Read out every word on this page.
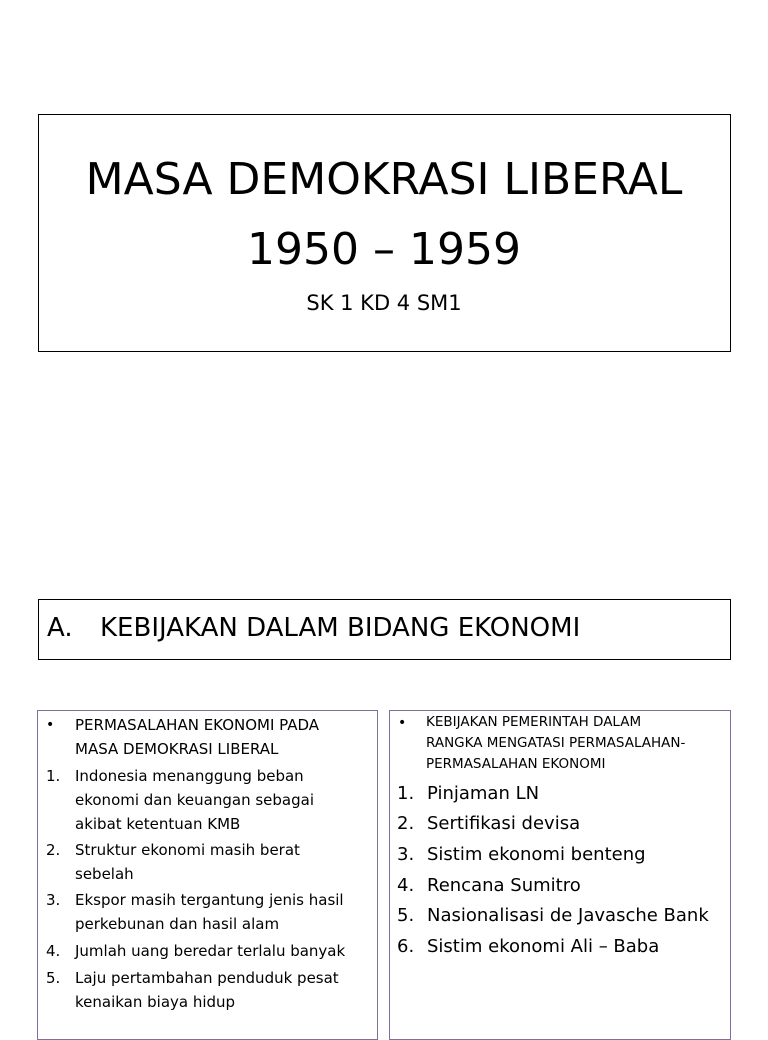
MASA DEMOKRASI LIBERAL
1950 – 1959
SK 1 KD 4 SM1
A. KEBIJAKAN DALAM BIDANG EKONOMI
• PERMASALAHAN EKONOMI PADA
MASA DEMOKRASI LIBERAL
1. Indonesia menanggung beban
ekonomi dan keuangan sebagai
akibat ketentuan KMB
2. Struktur ekonomi masih berat
sebelah
3. Ekspor masih tergantung jenis hasil
perkebunan dan hasil alam
4. Jumlah uang beredar terlalu banyak
5. Laju pertambahan penduduk pesat
kenaikan biaya hidup
• KEBIJAKAN PEMERINTAH DALAM
RANGKA MENGATASI PERMASALAHAN-
PERMASALAHAN EKONOMI
1. Pinjaman LN
2. Sertifikasi devisa
3. Sistim ekonomi benteng
4. Rencana Sumitro
5. Nasionalisasi de Javasche Bank
6. Sistim ekonomi Ali – Baba
